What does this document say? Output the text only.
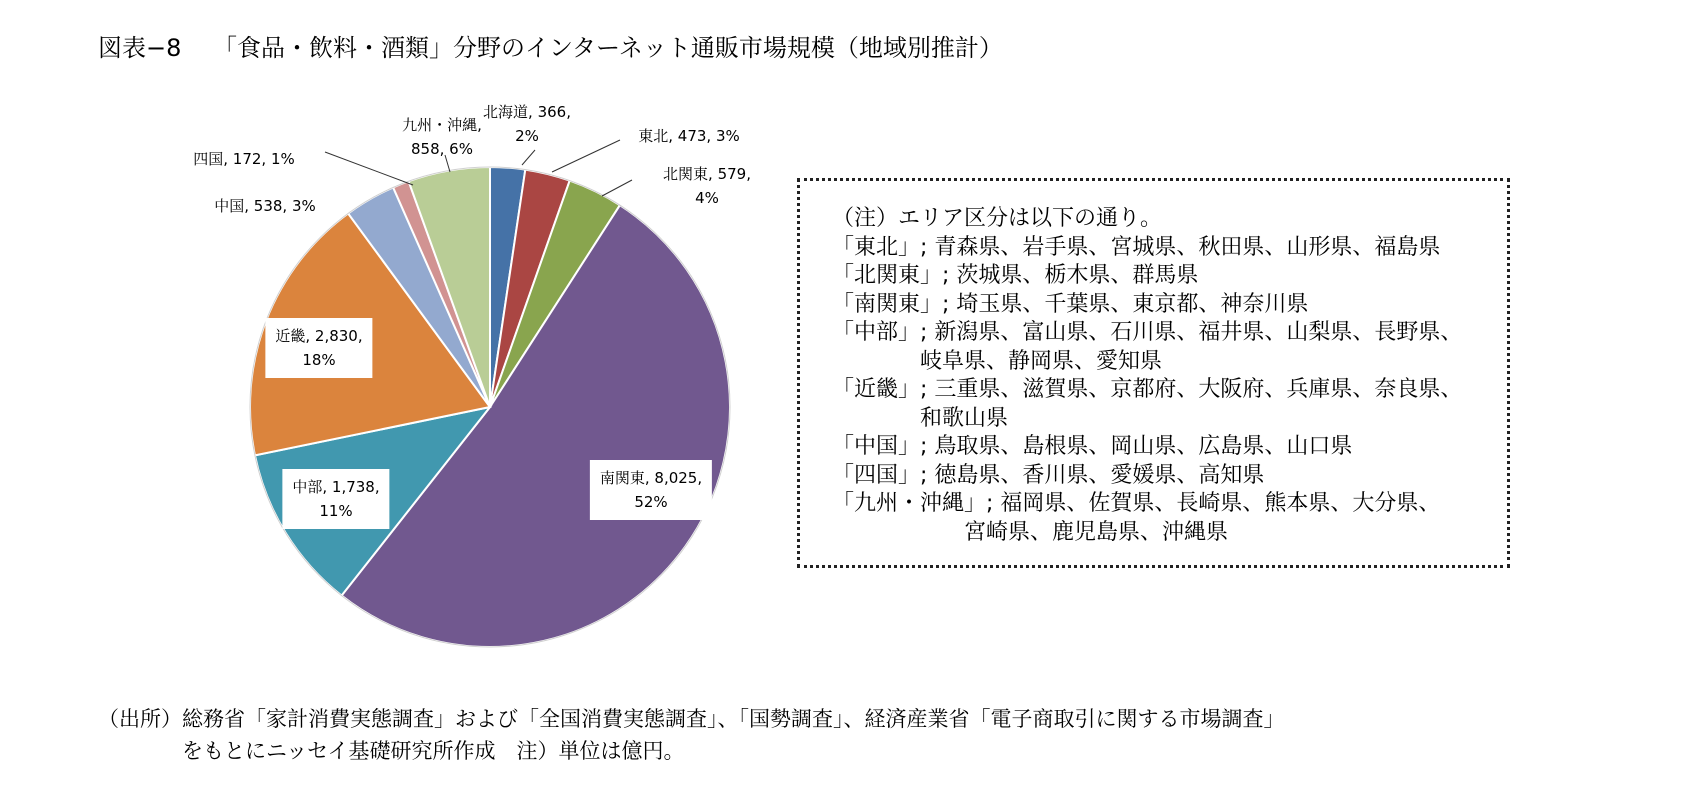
図表−8　 「食品・飲料・酒類」分野のインターネット通販市場規模（地域別推計）
北海道, 366,
2%	東北, 473, 3%
北関東, 579,
4%
南関東, 8,025,
52%
中部, 1,738,
11%
近畿, 2,830,
18%
中国, 538, 3%
四国, 172, 1%
九州・沖縄,
858, 6%
（注）エリア区分は以下の通り。
「東北」; 青森県、岩手県、宮城県、秋田県、山形県、福島県
「北関東」; 茨城県、栃木県、群馬県
「南関東」; 埼玉県、千葉県、東京都、神奈川県
「中部」; 新潟県、富山県、石川県、福井県、山梨県、長野県、
　　　　岐阜県、静岡県、愛知県
「近畿」; 三重県、滋賀県、京都府、大阪府、兵庫県、奈良県、
　　　　和歌山県
「中国」; 鳥取県、島根県、岡山県、広島県、山口県
「四国」; 徳島県、香川県、愛媛県、高知県
「九州・沖縄」; 福岡県、佐賀県、長崎県、熊本県、大分県、
　　　　　　宮崎県、鹿児島県、沖縄県
（出所）総務省「家計消費実態調査」および「全国消費実態調査」、「国勢調査」、経済産業省「電子商取引に関する市場調査」
　　　　をもとにニッセイ基礎研究所作成　注）単位は億円。
